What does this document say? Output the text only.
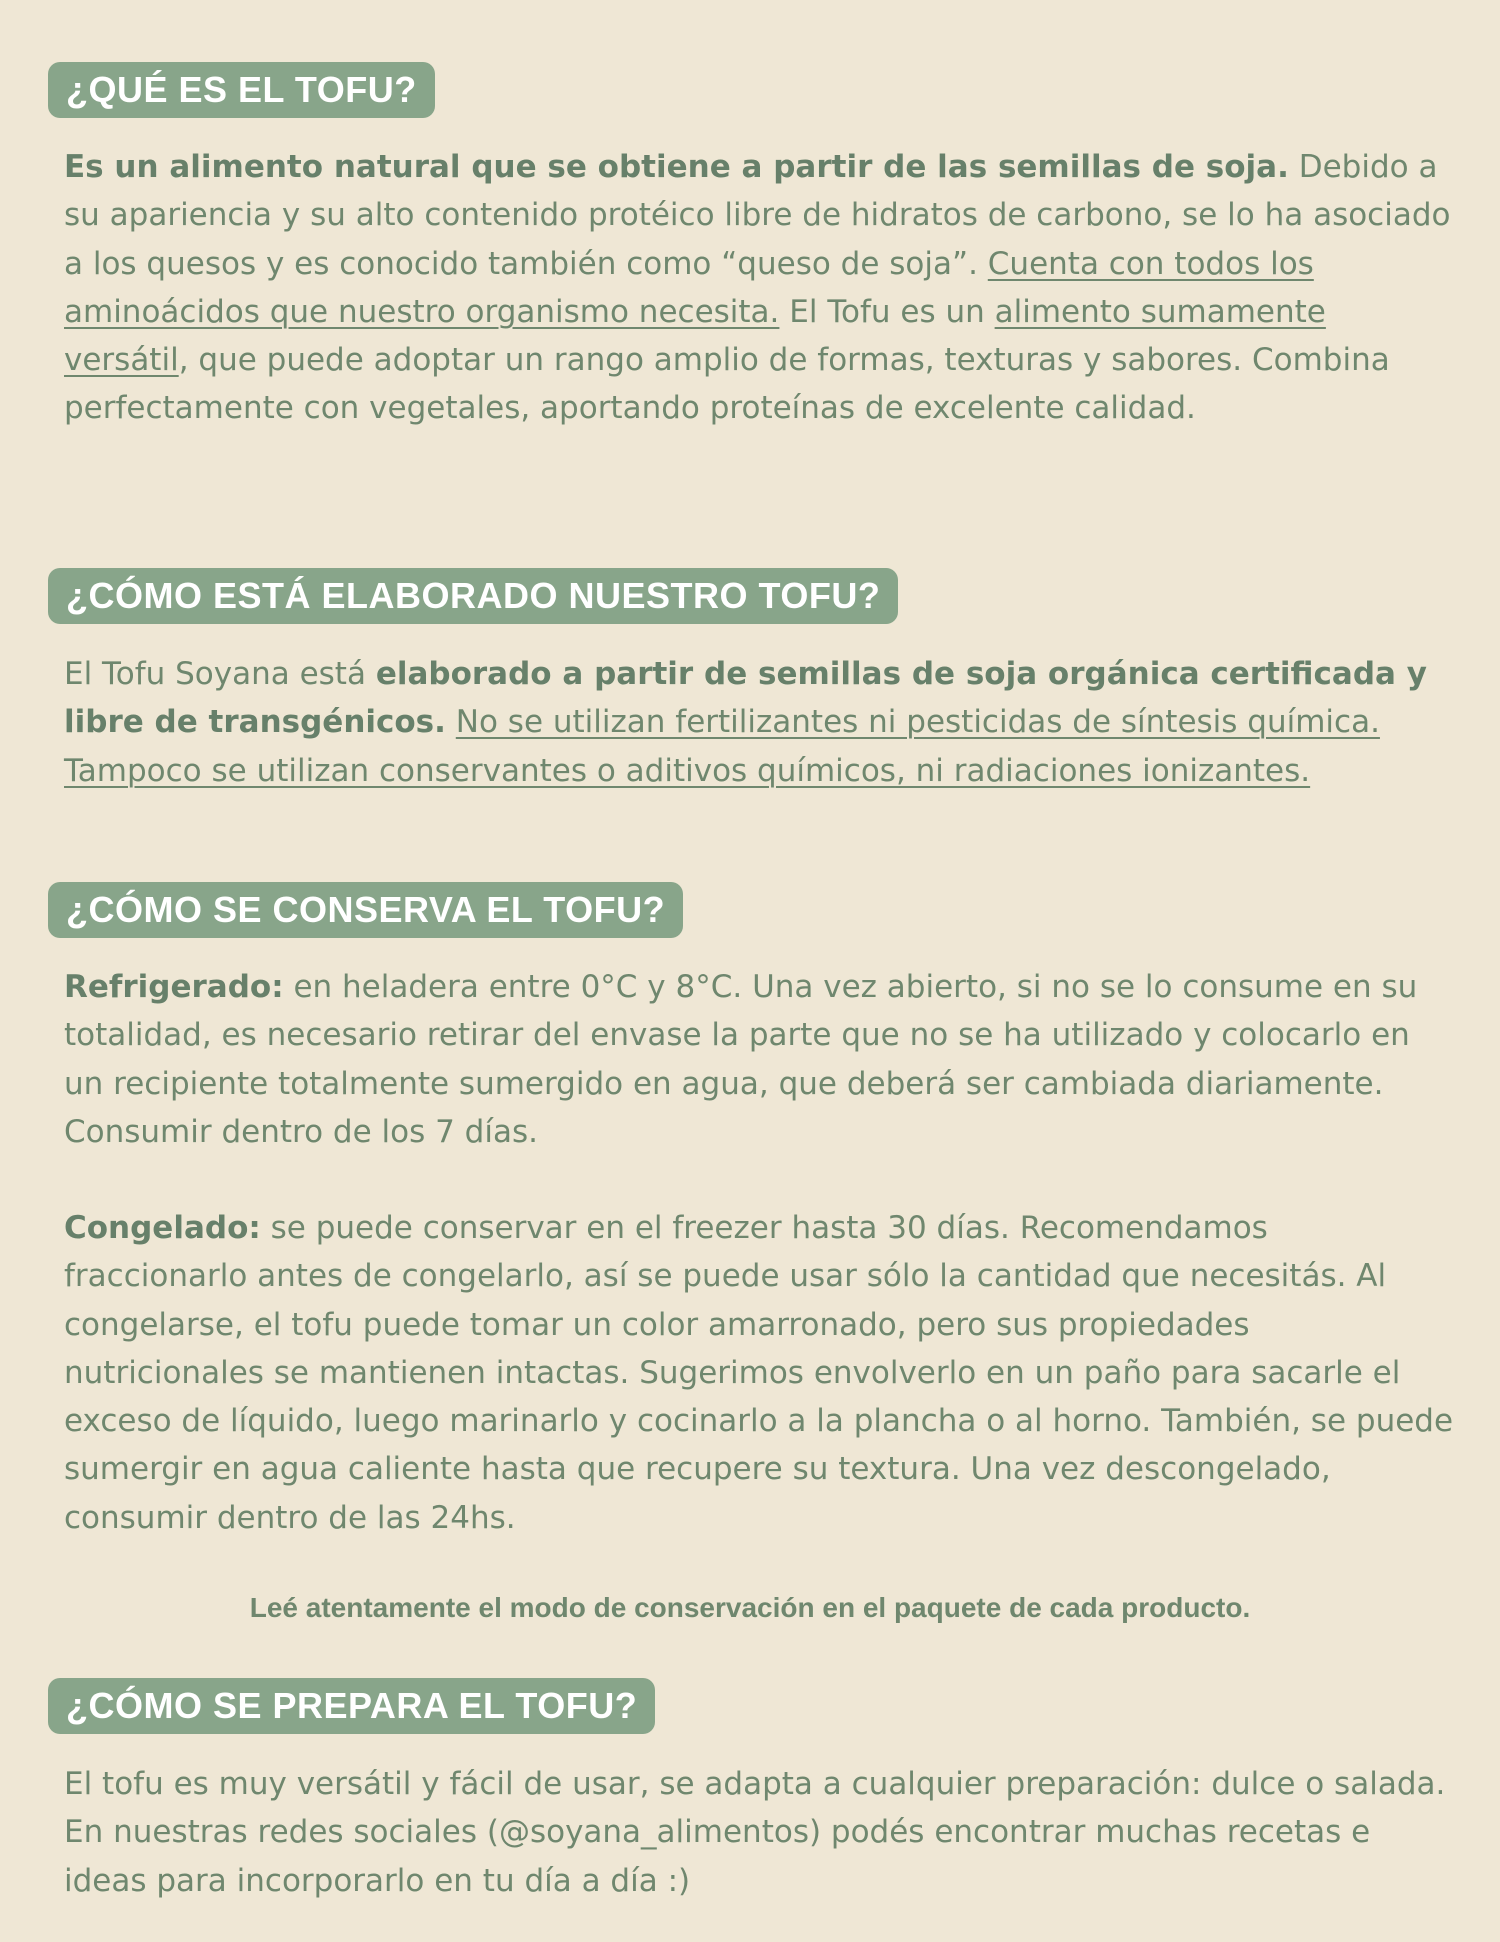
¿QUÉ ES EL TOFU?

Es un alimento natural que se obtiene a partir de las semillas de soja. Debido a su apariencia y su alto contenido protéico libre de hidratos de carbono, se lo ha asociado a los quesos y es conocido también como “queso de soja”. Cuenta con todos los aminoácidos que nuestro organismo necesita. El Tofu es un alimento sumamente versátil, que puede adoptar un rango amplio de formas, texturas y sabores. Combina perfectamente con vegetales, aportando proteínas de excelente calidad.

¿CÓMO ESTÁ ELABORADO NUESTRO TOFU?

El Tofu Soyana está elaborado a partir de semillas de soja orgánica certificada y libre de transgénicos. No se utilizan fertilizantes ni pesticidas de síntesis química. Tampoco se utilizan conservantes o aditivos químicos, ni radiaciones ionizantes.

¿CÓMO SE CONSERVA EL TOFU?

Refrigerado: en heladera entre 0°C y 8°C. Una vez abierto, si no se lo consume en su totalidad, es necesario retirar del envase la parte que no se ha utilizado y colocarlo en un recipiente totalmente sumergido en agua, que deberá ser cambiada diariamente. Consumir dentro de los 7 días.

Congelado: se puede conservar en el freezer hasta 30 días. Recomendamos fraccionarlo antes de congelarlo, así se puede usar sólo la cantidad que necesitás. Al congelarse, el tofu puede tomar un color amarronado, pero sus propiedades nutricionales se mantienen intactas. Sugerimos envolverlo en un paño para sacarle el exceso de líquido, luego marinarlo y cocinarlo a la plancha o al horno. También, se puede sumergir en agua caliente hasta que recupere su textura. Una vez descongelado, consumir dentro de las 24hs.

Leé atentamente el modo de conservación en el paquete de cada producto.
¿CÓMO SE PREPARA EL TOFU?

El tofu es muy versátil y fácil de usar, se adapta a cualquier preparación: dulce o salada. En nuestras redes sociales (@soyana_alimentos) podés encontrar muchas recetas e ideas para incorporarlo en tu día a día :)
